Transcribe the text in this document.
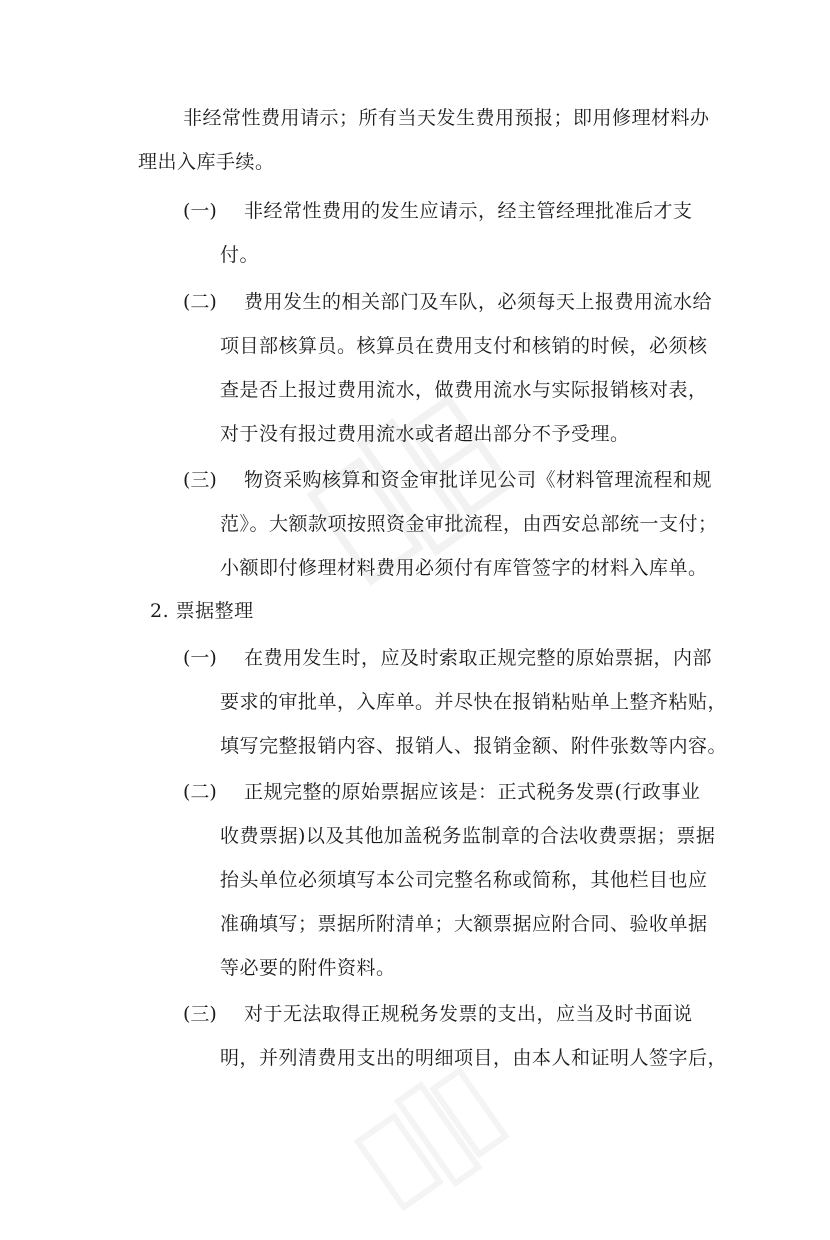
非经常性费用请示；所有当天发生费用预报；即用修理材料办
理出入库手续。
(一) 非经常性费用的发生应请示，经主管经理批准后才支
付。
(二) 费用发生的相关部门及车队，必须每天上报费用流水给
项目部核算员。核算员在费用支付和核销的时候，必须核
查是否上报过费用流水，做费用流水与实际报销核对表，
对于没有报过费用流水或者超出部分不予受理。
(三) 物资采购核算和资金审批详见公司《材料管理流程和规
范》。大额款项按照资金审批流程，由西安总部统一支付；
小额即付修理材料费用必须付有库管签字的材料入库单。
2. 票据整理
(一) 在费用发生时，应及时索取正规完整的原始票据，内部
要求的审批单，入库单。并尽快在报销粘贴单上整齐粘贴，
填写完整报销内容、报销人、报销金额、附件张数等内容。
(二) 正规完整的原始票据应该是：正式税务发票(行政事业
收费票据)以及其他加盖税务监制章的合法收费票据；票据
抬头单位必须填写本公司完整名称或简称，其他栏目也应
准确填写；票据所附清单；大额票据应附合同、验收单据
等必要的附件资料。
(三) 对于无法取得正规税务发票的支出，应当及时书面说
明，并列清费用支出的明细项目，由本人和证明人签字后，
